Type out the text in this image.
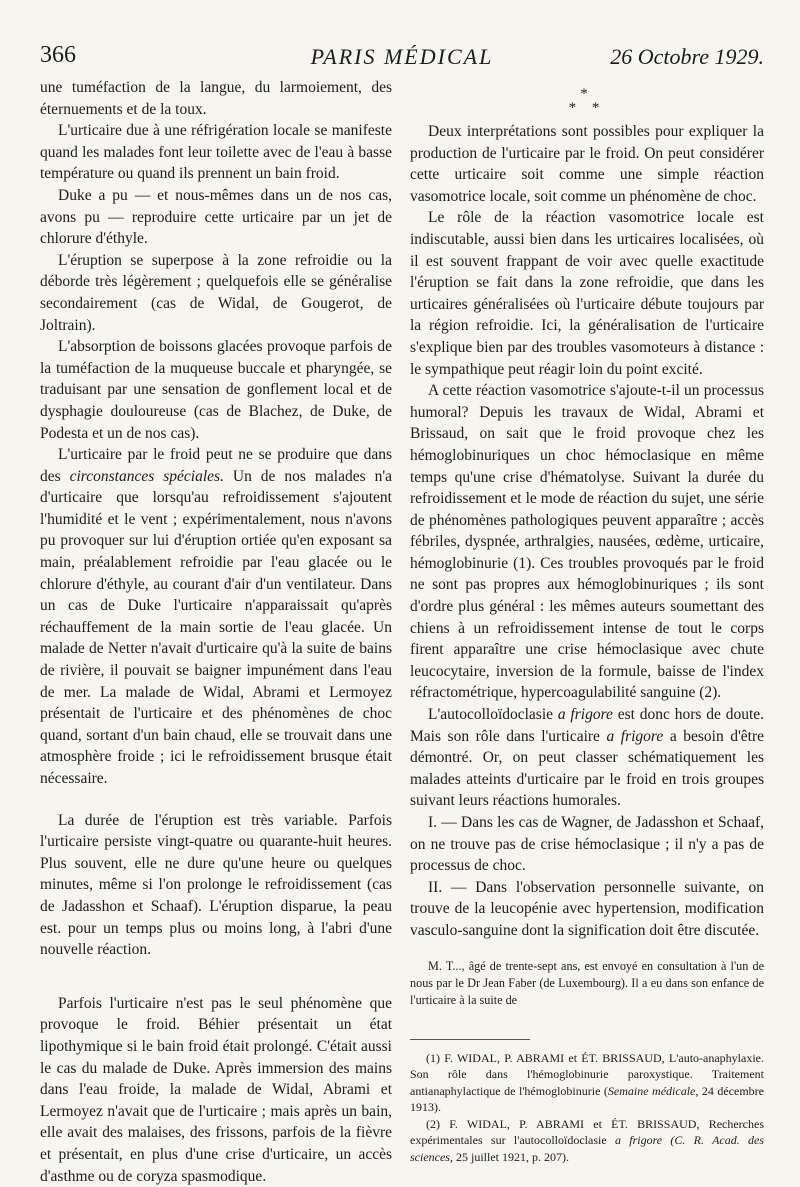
366	PARIS MÉDICAL	26 Octobre 1929.

une tuméfaction de la langue, du larmoiement, des éternuements et de la toux.

L'urticaire due à une réfrigération locale se manifeste quand les malades font leur toilette avec de l'eau à basse température ou quand ils prennent un bain froid.

Duke a pu — et nous-mêmes dans un de nos cas, avons pu — reproduire cette urticaire par un jet de chlorure d'éthyle.

L'éruption se superpose à la zone refroidie ou la déborde très légèrement ; quelquefois elle se généralise secondairement (cas de Widal, de Gougerot, de Joltrain).

L'absorption de boissons glacées provoque parfois de la tuméfaction de la muqueuse buccale et pharyngée, se traduisant par une sensation de gonflement local et de dysphagie douloureuse (cas de Blachez, de Duke, de Podesta et un de nos cas).

L'urticaire par le froid peut ne se produire que dans des circonstances spéciales. Un de nos malades n'a d'urticaire que lorsqu'au refroidissement s'ajoutent l'humidité et le vent ; expérimentalement, nous n'avons pu provoquer sur lui d'éruption ortiée qu'en exposant sa main, préalablement refroidie par l'eau glacée ou le chlorure d'éthyle, au courant d'air d'un ventilateur. Dans un cas de Duke l'urticaire n'apparaissait qu'après réchauffement de la main sortie de l'eau glacée. Un malade de Netter n'avait d'urticaire qu'à la suite de bains de rivière, il pouvait se baigner impunément dans l'eau de mer. La malade de Widal, Abrami et Lermoyez présentait de l'urticaire et des phénomènes de choc quand, sortant d'un bain chaud, elle se trouvait dans une atmosphère froide ; ici le refroidissement brusque était nécessaire.

La durée de l'éruption est très variable. Parfois l'urticaire persiste vingt-quatre ou quarante-huit heures. Plus souvent, elle ne dure qu'une heure ou quelques minutes, même si l'on prolonge le refroidissement (cas de Jadasshon et Schaaf). L'éruption disparue, la peau est. pour un temps plus ou moins long, à l'abri d'une nouvelle réaction.

Parfois l'urticaire n'est pas le seul phénomène que provoque le froid. Béhier présentait un état lipothymique si le bain froid était prolongé. C'était aussi le cas du malade de Duke. Après immersion des mains dans l'eau froide, la malade de Widal, Abrami et Lermoyez n'avait que de l'urticaire ; mais après un bain, elle avait des malaises, des frissons, parfois de la fièvre et présentait, en plus d'une crise d'urticaire, un accès d'asthme ou de coryza spasmodique.

*
* *

Deux interprétations sont possibles pour expliquer la production de l'urticaire par le froid. On peut considérer cette urticaire soit comme une simple réaction vasomotrice locale, soit comme un phénomène de choc.

Le rôle de la réaction vasomotrice locale est indiscutable, aussi bien dans les urticaires localisées, où il est souvent frappant de voir avec quelle exactitude l'éruption se fait dans la zone refroidie, que dans les urticaires généralisées où l'urticaire débute toujours par la région refroidie. Ici, la généralisation de l'urticaire s'explique bien par des troubles vasomoteurs à distance : le sympathique peut réagir loin du point excité.

A cette réaction vasomotrice s'ajoute-t-il un processus humoral? Depuis les travaux de Widal, Abrami et Brissaud, on sait que le froid provoque chez les hémoglobinuriques un choc hémoclasique en même temps qu'une crise d'hématolyse. Suivant la durée du refroidissement et le mode de réaction du sujet, une série de phénomènes pathologiques peuvent apparaître ; accès fébriles, dyspnée, arthralgies, nausées, œdème, urticaire, hémoglobinurie (1). Ces troubles provoqués par le froid ne sont pas propres aux hémoglobinuriques ; ils sont d'ordre plus général : les mêmes auteurs soumettant des chiens à un refroidissement intense de tout le corps firent apparaître une crise hémoclasique avec chute leucocytaire, inversion de la formule, baisse de l'index réfractométrique, hypercoagulabilité sanguine (2).

L'autocolloïdoclasie a frigore est donc hors de doute. Mais son rôle dans l'urticaire a frigore a besoin d'être démontré. Or, on peut classer schématiquement les malades atteints d'urticaire par le froid en trois groupes suivant leurs réactions humorales.

I. — Dans les cas de Wagner, de Jadasshon et Schaaf, on ne trouve pas de crise hémoclasique ; il n'y a pas de processus de choc.

II. — Dans l'observation personnelle suivante, on trouve de la leucopénie avec hypertension, modification vasculo-sanguine dont la signification doit être discutée.

M. T..., âgé de trente-sept ans, est envoyé en consultation à l'un de nous par le Dr Jean Faber (de Luxembourg). Il a eu dans son enfance de l'urticaire à la suite de

(1) F. WIDAL, P. ABRAMI et ÉT. BRISSAUD, L'auto-anaphylaxie. Son rôle dans l'hémoglobinurie paroxystique. Traitement antianaphylactique de l'hémoglobinurie (Semaine médicale, 24 décembre 1913).

(2) F. WIDAL, P. ABRAMI et ÉT. BRISSAUD, Recherches expérimentales sur l'autocolloïdoclasie a frigore (C. R. Acad. des sciences, 25 juillet 1921, p. 207).
